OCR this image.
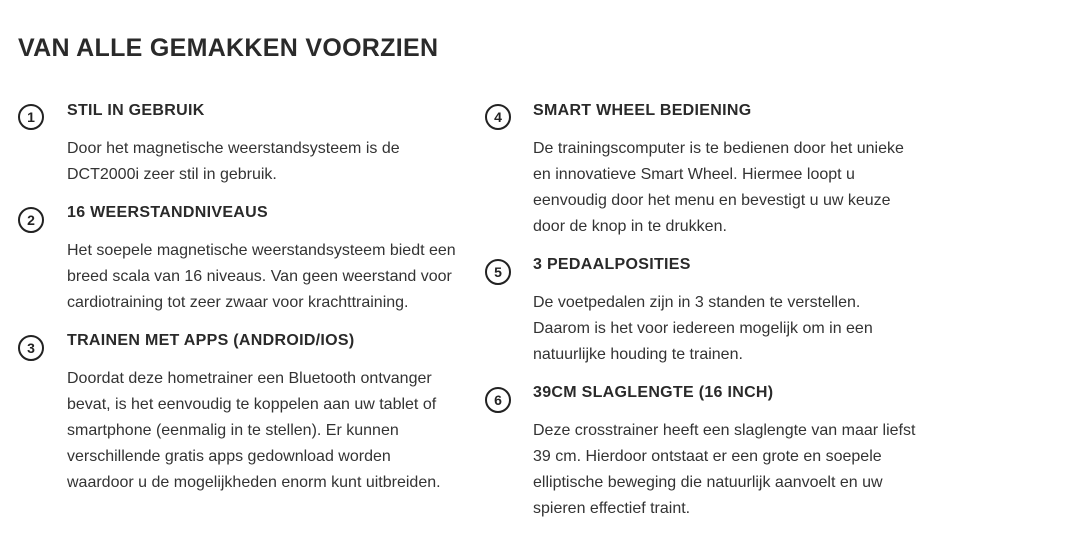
VAN ALLE GEMAKKEN VOORZIEN
1	STIL IN GEBRUIK

Door het magnetische weerstandsysteem is de DCT2000i zeer stil in gebruik.

2	16 WEERSTANDNIVEAUS

Het soepele magnetische weerstandsysteem biedt een breed scala van 16 niveaus. Van geen weerstand voor cardiotraining tot zeer zwaar voor krachttraining.

3	TRAINEN MET APPS (ANDROID/IOS)

Doordat deze hometrainer een Bluetooth ontvanger bevat, is het eenvoudig te koppelen aan uw tablet of smartphone (eenmalig in te stellen). Er kunnen verschillende gratis apps gedownload worden waardoor u de mogelijkheden enorm kunt uitbreiden.

4	SMART WHEEL BEDIENING

De trainingscomputer is te bedienen door het unieke en innovatieve Smart Wheel. Hiermee loopt u eenvoudig door het menu en bevestigt u uw keuze door de knop in te drukken.

5	3 PEDAALPOSITIES

De voetpedalen zijn in 3 standen te verstellen. Daarom is het voor iedereen mogelijk om in een natuurlijke houding te trainen.

6	39CM SLAGLENGTE (16 INCH)

Deze crosstrainer heeft een slaglengte van maar liefst 39 cm. Hierdoor ontstaat er een grote en soepele elliptische beweging die natuurlijk aanvoelt en uw spieren effectief traint.
